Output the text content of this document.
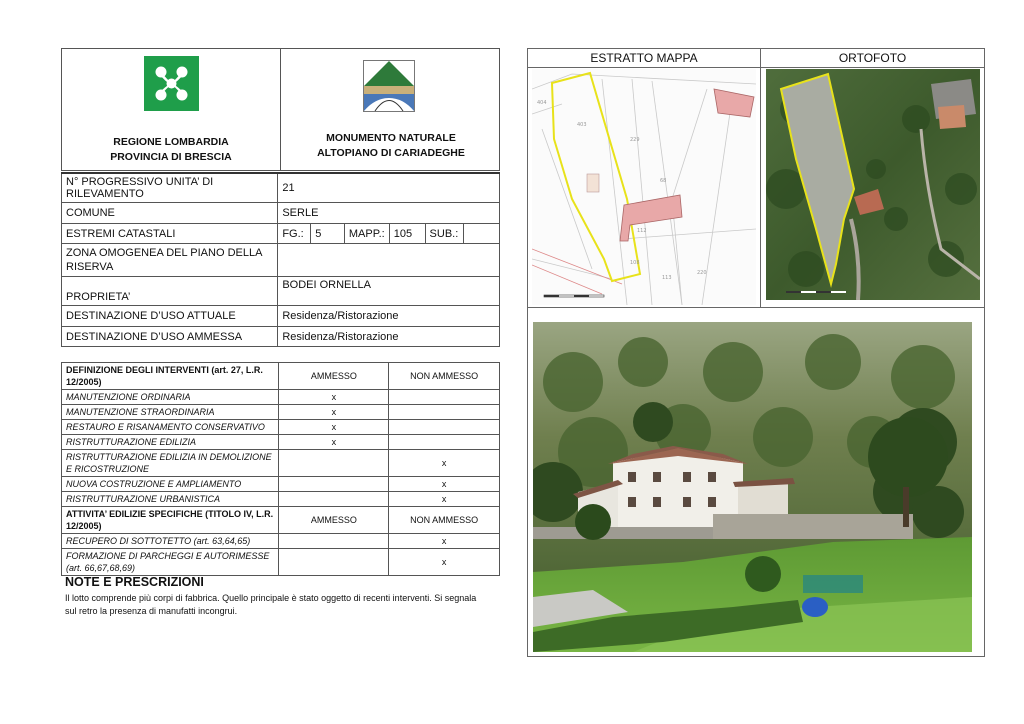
REGIONE LOMBARDIA
PROVINCIA DI BRESCIA
MONUMENTO NATURALE
ALTOPIANO DI CARIADEGHE
N° PROGRESSIVO UNITA’ DI RILEVAMENTO	21					
COMUNE	SERLE					
ESTREMI CATASTALI	FG.:	5	MAPP.:	105	SUB.:	
ZONA OMOGENEA DEL PIANO DELLA RISERVA						
PROPRIETA’	BODEI ORNELLA					
DESTINAZIONE D’USO ATTUALE	Residenza/Ristorazione					
DESTINAZIONE D’USO AMMESSA	Residenza/Ristorazione					
DEFINIZIONE DEGLI INTERVENTI (art. 27, L.R. 12/2005)	AMMESSO	NON AMMESSO
MANUTENZIONE ORDINARIA	x	
MANUTENZIONE STRAORDINARIA	x	
RESTAURO E RISANAMENTO CONSERVATIVO	x	
RISTRUTTURAZIONE EDILIZIA	x	
RISTRUTTURAZIONE EDILIZIA IN DEMOLIZIONE E RICOSTRUZIONE		x
NUOVA COSTRUZIONE E AMPLIAMENTO		x
RISTRUTTURAZIONE URBANISTICA		x
ATTIVITA’ EDILIZIE SPECIFICHE (TITOLO IV, L.R. 12/2005)	AMMESSO	NON AMMESSO
RECUPERO DI SOTTOTETTO (art. 63,64,65)		x
FORMAZIONE DI PARCHEGGI E AUTORIMESSE (art. 66,67,68,69)		x
NOTE E PRESCRIZIONI
Il lotto comprende più corpi di fabbrica. Quello principale è stato oggetto di recenti interventi. Si segnala sul retro la presenza di manufatti incongrui.
ESTRATTO MAPPA	ORTOFOTO
404
403
229
68
112
108
113
220
